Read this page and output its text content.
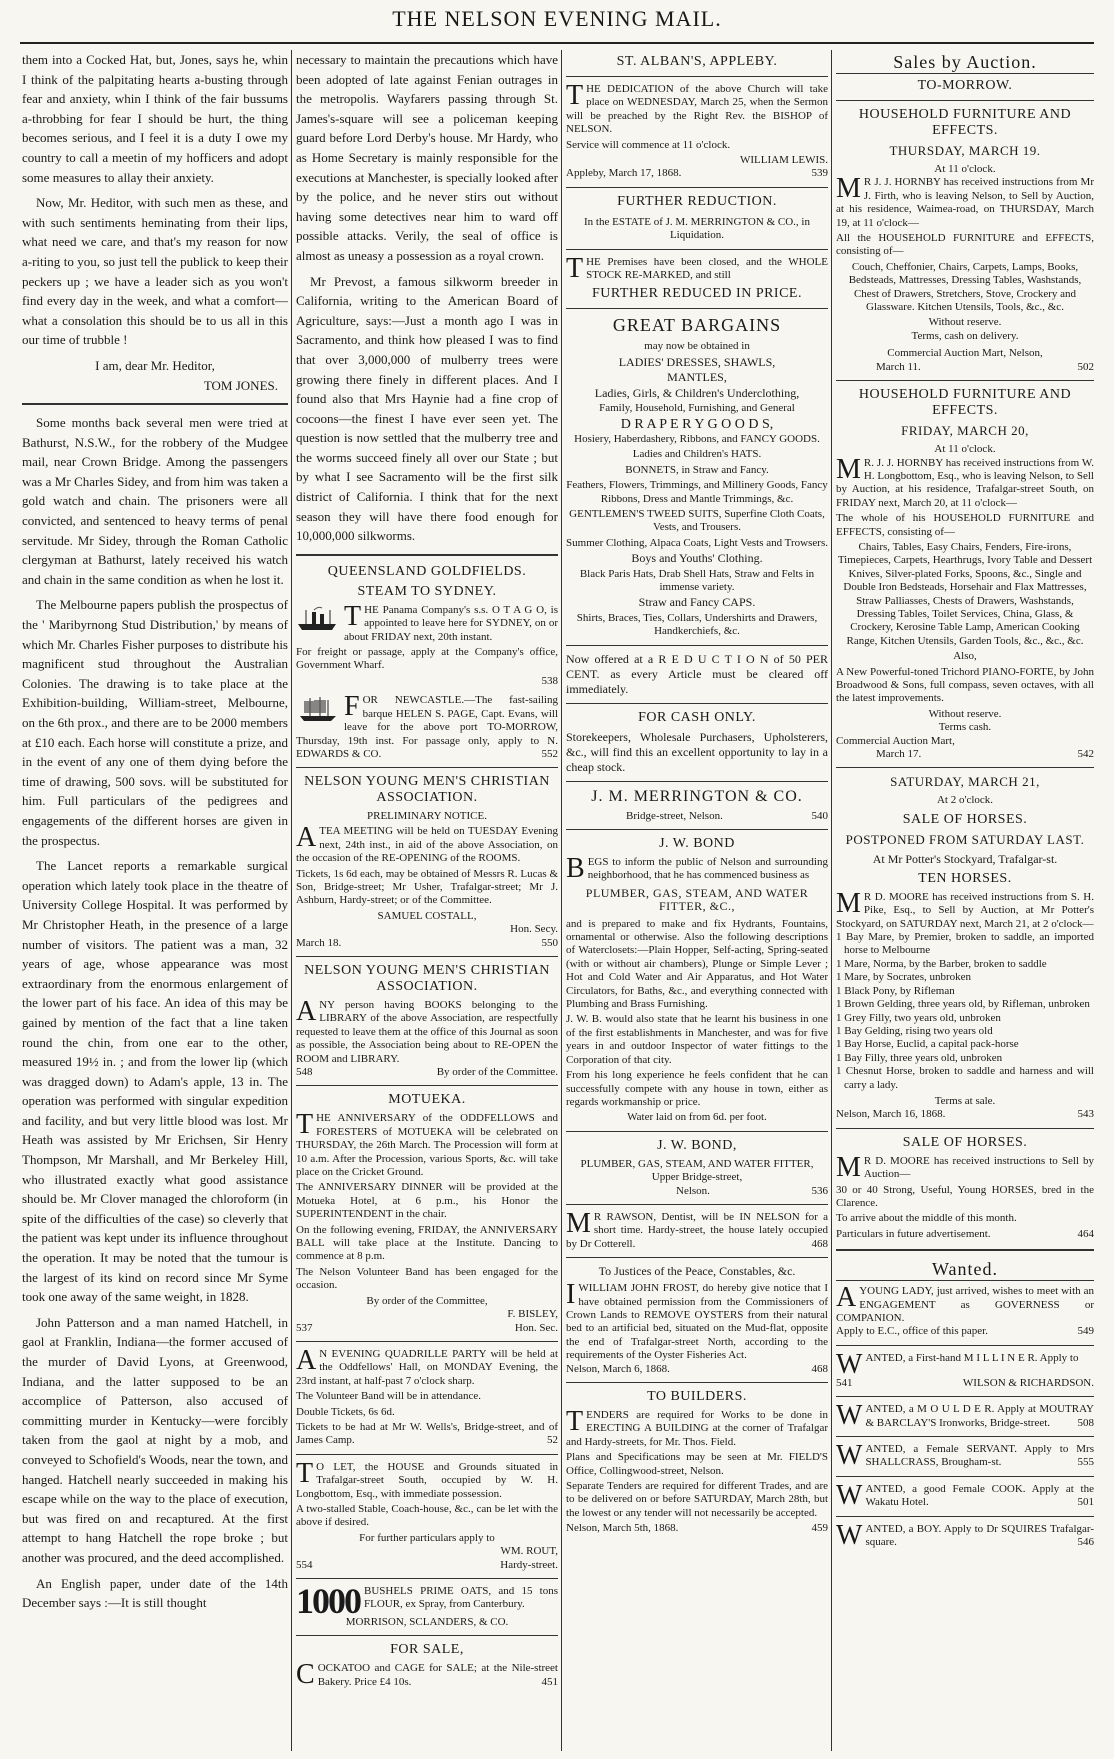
THE NELSON EVENING MAIL.

them into a Cocked Hat, but, Jones, says he, whin I think of the palpitating hearts a-busting through fear and anxiety, whin I think of the fair bussums a-throbbing for fear I should be hurt, the thing becomes serious, and I feel it is a duty I owe my country to call a meetin of my hofficers and adopt some measures to allay their anxiety.

Now, Mr. Heditor, with such men as these, and with such sentiments heminating from their lips, what need we care, and that's my reason for now a-riting to you, so just tell the publick to keep their peckers up ; we have a leader sich as you won't find every day in the week, and what a comfort—what a consolation this should be to us all in this our time of trubble !

I am, dear Mr. Heditor,
TOM JONES.

Some months back several men were tried at Bathurst, N.S.W., for the robbery of the Mudgee mail, near Crown Bridge. Among the passengers was a Mr Charles Sidey, and from him was taken a gold watch and chain. The prisoners were all convicted, and sentenced to heavy terms of penal servitude. Mr Sidey, through the Roman Catholic clergyman at Bathurst, lately received his watch and chain in the same condition as when he lost it.

The Melbourne papers publish the prospectus of the ' Maribyrnong Stud Distribution,' by means of which Mr. Charles Fisher purposes to distribute his magnificent stud throughout the Australian Colonies. The drawing is to take place at the Exhibition-building, William-street, Melbourne, on the 6th prox., and there are to be 2000 members at £10 each. Each horse will constitute a prize, and in the event of any one of them dying before the time of drawing, 500 sovs. will be substituted for him. Full particulars of the pedigrees and engagements of the different horses are given in the prospectus.

The Lancet reports a remarkable surgical operation which lately took place in the theatre of University College Hospital. It was performed by Mr Christopher Heath, in the presence of a large number of visitors. The patient was a man, 32 years of age, whose appearance was most extraordinary from the enormous enlargement of the lower part of his face. An idea of this may be gained by mention of the fact that a line taken round the chin, from one ear to the other, measured 19½ in. ; and from the lower lip (which was dragged down) to Adam's apple, 13 in. The operation was performed with singular expedition and facility, and but very little blood was lost. Mr Heath was assisted by Mr Erichsen, Sir Henry Thompson, Mr Marshall, and Mr Berkeley Hill, who illustrated exactly what good assistance should be. Mr Clover managed the chloroform (in spite of the difficulties of the case) so cleverly that the patient was kept under its influence throughout the operation. It may be noted that the tumour is the largest of its kind on record since Mr Syme took one away of the same weight, in 1828.

John Patterson and a man named Hatchell, in gaol at Franklin, Indiana—the former accused of the murder of David Lyons, at Greenwood, Indiana, and the latter supposed to be an accomplice of Patterson, also accused of committing murder in Kentucky—were forcibly taken from the gaol at night by a mob, and conveyed to Schofield's Woods, near the town, and hanged. Hatchell nearly succeeded in making his escape while on the way to the place of execution, but was fired on and recaptured. At the first attempt to hang Hatchell the rope broke ; but another was procured, and the deed accomplished.

An English paper, under date of the 14th December says :—It is still thought

necessary to maintain the precautions which have been adopted of late against Fenian outrages in the metropolis. Wayfarers passing through St. James's-square will see a policeman keeping guard before Lord Derby's house. Mr Hardy, who as Home Secretary is mainly responsible for the executions at Manchester, is specially looked after by the police, and he never stirs out without having some detectives near him to ward off possible attacks. Verily, the seal of office is almost as uneasy a possession as a royal crown.

Mr Prevost, a famous silkworm breeder in California, writing to the American Board of Agriculture, says:—Just a month ago I was in Sacramento, and think how pleased I was to find that over 3,000,000 of mulberry trees were growing there finely in different places. And I found also that Mrs Haynie had a fine crop of cocoons—the finest I have ever seen yet. The question is now settled that the mulberry tree and the worms succeed finely all over our State ; but by what I see Sacramento will be the first silk district of California. I think that for the next season they will have there food enough for 10,000,000 silkworms.

QUEENSLAND GOLDFIELDS.
STEAM TO SYDNEY.
THE Panama Company's s.s. O T A G O, is appointed to leave here for SYDNEY, on or about FRIDAY next, 20th instant.

For freight or passage, apply at the Company's office, Government Wharf.

538
FOR NEWCASTLE.—The fast-sailing barque HELEN S. PAGE, Capt. Evans, will leave for the above port TO-MORROW, Thursday, 19th inst. For passage only, apply to N. EDWARDS & CO.	552
NELSON YOUNG MEN'S CHRISTIAN ASSOCIATION.
PRELIMINARY NOTICE.
ATEA MEETING will be held on TUESDAY Evening next, 24th inst., in aid of the above Association, on the occasion of the RE-OPENING of the ROOMS.

Tickets, 1s 6d each, may be obtained of Messrs R. Lucas & Son, Bridge-street; Mr Usher, Trafalgar-street; Mr J. Ashburn, Hardy-street; or of the Committee.

SAMUEL COSTALL,
Hon. Secy.
March 18.	550
NELSON YOUNG MEN'S CHRISTIAN ASSOCIATION.
ANY person having BOOKS belonging to the LIBRARY of the above Association, are respectfully requested to leave them at the office of this Journal as soon as possible, the Association being about to RE-OPEN the ROOM and LIBRARY.
548	By order of the Committee.
MOTUEKA.
THE ANNIVERSARY of the ODDFELLOWS and FORESTERS of MOTUEKA will be celebrated on THURSDAY, the 26th March. The Procession will form at 10 a.m. After the Procession, various Sports, &c. will take place on the Cricket Ground.

The ANNIVERSARY DINNER will be provided at the Motueka Hotel, at 6 p.m., his Honor the SUPERINTENDENT in the chair.

On the following evening, FRIDAY, the ANNIVERSARY BALL will take place at the Institute. Dancing to commence at 8 p.m.

The Nelson Volunteer Band has been engaged for the occasion.

By order of the Committee,
F. BISLEY,
537	Hon. Sec.
A N EVENING QUADRILLE PARTY will be held at the Oddfellows' Hall, on MONDAY Evening, the 23rd instant, at half-past 7 o'clock sharp.

The Volunteer Band will be in attendance.

Double Tickets, 6s 6d.

Tickets to be had at Mr W. Wells's, Bridge-street, and of James Camp.	52

T O LET, the HOUSE and Grounds situated in Trafalgar-street South, occupied by W. H. Longbottom, Esq., with immediate possession.

A two-stalled Stable, Coach-house, &c., can be let with the above if desired.

For further particulars apply to
WM. ROUT,
554	Hardy-street.
1000 BUSHELS PRIME OATS, and 15 tons FLOUR, ex Spray, from Canterbury.
MORRISON, SCLANDERS, & CO.
FOR SALE,
COCKATOO and CAGE for SALE; at the Nile-street Bakery. Price £4 10s.	451
ST. ALBAN'S, APPLEBY.
THE DEDICATION of the above Church will take place on WEDNESDAY, March 25, when the Sermon will be preached by the Right Rev. the BISHOP of NELSON.

Service will commence at 11 o'clock.

WILLIAM LEWIS.
Appleby, March 17, 1868.	539
FURTHER REDUCTION.
In the ESTATE of J. M. MERRINGTON & CO., in Liquidation.
THE Premises have been closed, and the WHOLE STOCK RE-MARKED, and still
FURTHER REDUCED IN PRICE.
GREAT BARGAINS

may now be obtained in

LADIES' DRESSES, SHAWLS,

MANTLES,

Ladies, Girls, & Children's Underclothing,

Family, Household, Furnishing, and General

D R A P E R Y G O O D S,

Hosiery, Haberdashery, Ribbons, and FANCY GOODS.

Ladies and Children's HATS.

BONNETS, in Straw and Fancy.

Feathers, Flowers, Trimmings, and Millinery Goods, Fancy Ribbons, Dress and Mantle Trimmings, &c.

GENTLEMEN'S TWEED SUITS, Superfine Cloth Coats, Vests, and Trousers.

Summer Clothing, Alpaca Coats, Light Vests and Trowsers.

Boys and Youths' Clothing.

Black Paris Hats, Drab Shell Hats, Straw and Felts in immense variety.

Straw and Fancy CAPS.

Shirts, Braces, Ties, Collars, Undershirts and Drawers, Handkerchiefs, &c.

Now offered at a R E D U C T I O N of 50 PER CENT. as every Article must be cleared off immediately.
FOR CASH ONLY.
Storekeepers, Wholesale Purchasers, Upholsterers, &c., will find this an excellent opportunity to lay in a cheap stock.
J. M. MERRINGTON & CO.
Bridge-street, Nelson.	540
J. W. BOND
BEGS to inform the public of Nelson and surrounding neighborhood, that he has commenced business as
PLUMBER, GAS, STEAM, AND WATER FITTER, &C.,

and is prepared to make and fix Hydrants, Fountains, ornamental or otherwise. Also the following descriptions of Waterclosets:—Plain Hopper, Self-acting, Spring-seated (with or without air chambers), Plunge or Simple Lever ; Hot and Cold Water and Air Apparatus, and Hot Water Circulators, for Baths, &c., and everything connected with Plumbing and Brass Furnishing.

J. W. B. would also state that he learnt his business in one of the first establishments in Manchester, and was for five years in and outdoor Inspector of water fittings to the Corporation of that city.

From his long experience he feels confident that he can successfully compete with any house in town, either as regards workmanship or price.

Water laid on from 6d. per foot.
J. W. BOND,
PLUMBER, GAS, STEAM, AND WATER FITTER,
Upper Bridge-street,
Nelson.	536
M R RAWSON, Dentist, will be IN NELSON for a short time. Hardy-street, the house lately occupied by Dr Cotterell.	468
To Justices of the Peace, Constables, &c.
IWILLIAM JOHN FROST, do hereby give notice that I have obtained permission from the Commissioners of Crown Lands to REMOVE OYSTERS from their natural bed to an artificial bed, situated on the Mud-flat, opposite the end of Trafalgar-street North, according to the requirements of the Oyster Fisheries Act.
Nelson, March 6, 1868.	468
TO BUILDERS.
TENDERS are required for Works to be done in ERECTING A BUILDING at the corner of Trafalgar and Hardy-streets, for Mr. Thos. Field.

Plans and Specifications may be seen at Mr. FIELD'S Office, Collingwood-street, Nelson.

Separate Tenders are required for different Trades, and are to be delivered on or before SATURDAY, March 28th, but the lowest or any tender will not necessarily be accepted.

Nelson, March 5th, 1868.	459
Sales by Auction.
TO-MORROW.
HOUSEHOLD FURNITURE AND EFFECTS.
THURSDAY, MARCH 19.
At 11 o'clock.
M R J. J. HORNBY has received instructions from Mr J. Firth, who is leaving Nelson, to Sell by Auction, at his residence, Waimea-road, on THURSDAY, March 19, at 11 o'clock—

All the HOUSEHOLD FURNITURE and EFFECTS, consisting of—

Couch, Cheffonier, Chairs, Carpets, Lamps, Books, Bedsteads, Mattresses, Dressing Tables, Washstands, Chest of Drawers, Stretchers, Stove, Crockery and Glassware. Kitchen Utensils, Tools, &c., &c.

Without reserve.
Terms, cash on delivery.
Commercial Auction Mart, Nelson,
March 11.	502
HOUSEHOLD FURNITURE AND EFFECTS.
FRIDAY, MARCH 20,
At 11 o'clock.
M R. J. J. HORNBY has received instructions from W. H. Longbottom, Esq., who is leaving Nelson, to Sell by Auction, at his residence, Trafalgar-street South, on FRIDAY next, March 20, at 11 o'clock—

The whole of his HOUSEHOLD FURNITURE and EFFECTS, consisting of—

Chairs, Tables, Easy Chairs, Fenders, Fire-irons, Timepieces, Carpets, Hearthrugs, Ivory Table and Dessert Knives, Silver-plated Forks, Spoons, &c., Single and Double Iron Bedsteads, Horsehair and Flax Mattresses, Straw Palliasses, Chests of Drawers, Washstands, Dressing Tables, Toilet Services, China, Glass, & Crockery, Kerosine Table Lamp, American Cooking Range, Kitchen Utensils, Garden Tools, &c., &c., &c.

Also,

A New Powerful-toned Trichord PIANO-FORTE, by John Broadwood & Sons, full compass, seven octaves, with all the latest improvements.

Without reserve.
Terms cash.
Commercial Auction Mart,
March 17.	542
SATURDAY, MARCH 21,
At 2 o'clock.
SALE OF HORSES.
POSTPONED FROM SATURDAY LAST.
At Mr Potter's Stockyard, Trafalgar-st.
TEN HORSES.
M R D. MOORE has received instructions from S. H. Pike, Esq., to Sell by Auction, at Mr Potter's Stockyard, on SATURDAY next, March 21, at 2 o'clock—
1 Bay Mare, by Premier, broken to saddle, an imported horse to Melbourne
1 Mare, Norma, by the Barber, broken to saddle
1 Mare, by Socrates, unbroken
1 Black Pony, by Rifleman
1 Brown Gelding, three years old, by Rifleman, unbroken
1 Grey Filly, two years old, unbroken
1 Bay Gelding, rising two years old
1 Bay Horse, Euclid, a capital pack-horse
1 Bay Filly, three years old, unbroken
1 Chesnut Horse, broken to saddle and harness and will carry a lady.
Terms at sale.
Nelson, March 16, 1868.	543
SALE OF HORSES.
M R D. MOORE has received instructions to Sell by Auction—

30 or 40 Strong, Useful, Young HORSES, bred in the Clarence.

To arrive about the middle of this month.

Particulars in future advertisement.	464
Wanted.
AYOUNG LADY, just arrived, wishes to meet with an ENGAGEMENT as GOVERNESS or COMPANION.
Apply to E.C., office of this paper.	549
WANTED, a First-hand M I L L I N E R. Apply to
541	WILSON & RICHARDSON.
WANTED, a M O U L D E R. Apply at MOUTRAY & BARCLAY'S Ironworks, Bridge-street. 508
WANTED, a Female SERVANT. Apply to Mrs SHALLCRASS, Brougham-st.	555
WANTED, a good Female COOK. Apply at the Wakatu Hotel.	501
WANTED, a BOY. Apply to Dr SQUIRES Trafalgar-square.	546
